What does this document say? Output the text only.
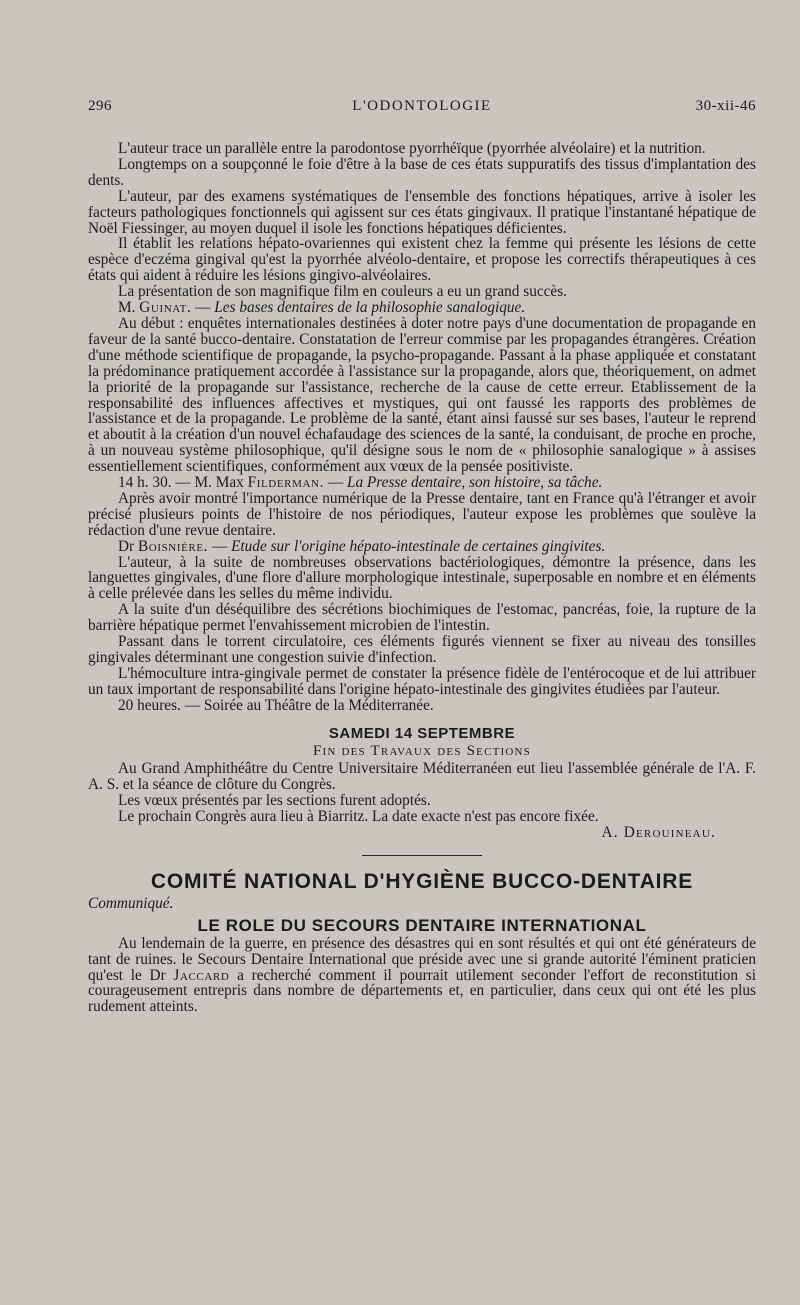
296	L'ODONTOLOGIE	30-xii-46

L'auteur trace un parallèle entre la parodontose pyorrhéïque (pyorrhée alvéolaire) et la nutrition.

Longtemps on a soupçonné le foie d'être à la base de ces états suppuratifs des tissus d'implantation des dents.

L'auteur, par des examens systématiques de l'ensemble des fonctions hépatiques, arrive à isoler les facteurs pathologiques fonctionnels qui agissent sur ces états gingivaux. Il pratique l'instantané hépatique de Noël Fiessinger, au moyen duquel il isole les fonctions hépatiques déficientes.

Il établit les relations hépato-ovariennes qui existent chez la femme qui présente les lésions de cette espèce d'eczéma gingival qu'est la pyorrhée alvéolo-dentaire, et propose les correctifs thérapeutiques à ces états qui aident à réduire les lésions gingivo-alvéolaires.

La présentation de son magnifique film en couleurs a eu un grand succès.

M. Guinat. — Les bases dentaires de la philosophie sanalogique.

Au début : enquêtes internationales destinées à doter notre pays d'une documentation de propagande en faveur de la santé bucco-dentaire. Constatation de l'erreur commise par les propagandes étrangères. Création d'une méthode scientifique de propagande, la psycho-propagande. Passant à la phase appliquée et constatant la prédominance pratiquement accordée à l'assistance sur la propagande, alors que, théoriquement, on admet la priorité de la propagande sur l'assistance, recherche de la cause de cette erreur. Etablissement de la responsabilité des influences affectives et mystiques, qui ont faussé les rapports des problèmes de l'assistance et de la propagande. Le problème de la santé, étant ainsi faussé sur ses bases, l'auteur le reprend et aboutit à la création d'un nouvel échafaudage des sciences de la santé, la conduisant, de proche en proche, à un nouveau système philosophique, qu'il désigne sous le nom de « philosophie sanalogique » à assises essentiellement scientifiques, conformément aux vœux de la pensée positiviste.

14 h. 30. — M. Max Filderman. — La Presse dentaire, son histoire, sa tâche.

Après avoir montré l'importance numérique de la Presse dentaire, tant en France qu'à l'étranger et avoir précisé plusieurs points de l'histoire de nos périodiques, l'auteur expose les problèmes que soulève la rédaction d'une revue dentaire.

Dr Boisnière. — Etude sur l'origine hépato-intestinale de certaines gingivites.

L'auteur, à la suite de nombreuses observations bactériologiques, démontre la présence, dans les languettes gingivales, d'une flore d'allure morphologique intestinale, superposable en nombre et en éléments à celle prélevée dans les selles du même individu.

A la suite d'un déséquilibre des sécrétions biochimiques de l'estomac, pancréas, foie, la rupture de la barrière hépatique permet l'envahissement microbien de l'intestin.

Passant dans le torrent circulatoire, ces éléments figurés viennent se fixer au niveau des tonsilles gingivales déterminant une congestion suivie d'infection.

L'hémoculture intra-gingivale permet de constater la présence fidèle de l'entérocoque et de lui attribuer un taux important de responsabilité dans l'origine hépato-intestinale des gingivites étudiées par l'auteur.

20 heures. — Soirée au Théâtre de la Méditerranée.

SAMEDI 14 SEPTEMBRE
Fin des Travaux des Sections

Au Grand Amphithéâtre du Centre Universitaire Méditerranéen eut lieu l'assemblée générale de l'A. F. A. S. et la séance de clôture du Congrès.

Les vœux présentés par les sections furent adoptés.

Le prochain Congrès aura lieu à Biarritz. La date exacte n'est pas encore fixée.

A. Derouineau.
COMITÉ NATIONAL D'HYGIÈNE BUCCO-DENTAIRE

Communiqué.

LE ROLE DU SECOURS DENTAIRE INTERNATIONAL

Au lendemain de la guerre, en présence des désastres qui en sont résultés et qui ont été générateurs de tant de ruines. le Secours Dentaire International que préside avec une si grande autorité l'éminent praticien qu'est le Dr Jaccard a recherché comment il pourrait utilement seconder l'effort de reconstitution si courageusement entrepris dans nombre de départements et, en particulier, dans ceux qui ont été les plus rudement atteints.
